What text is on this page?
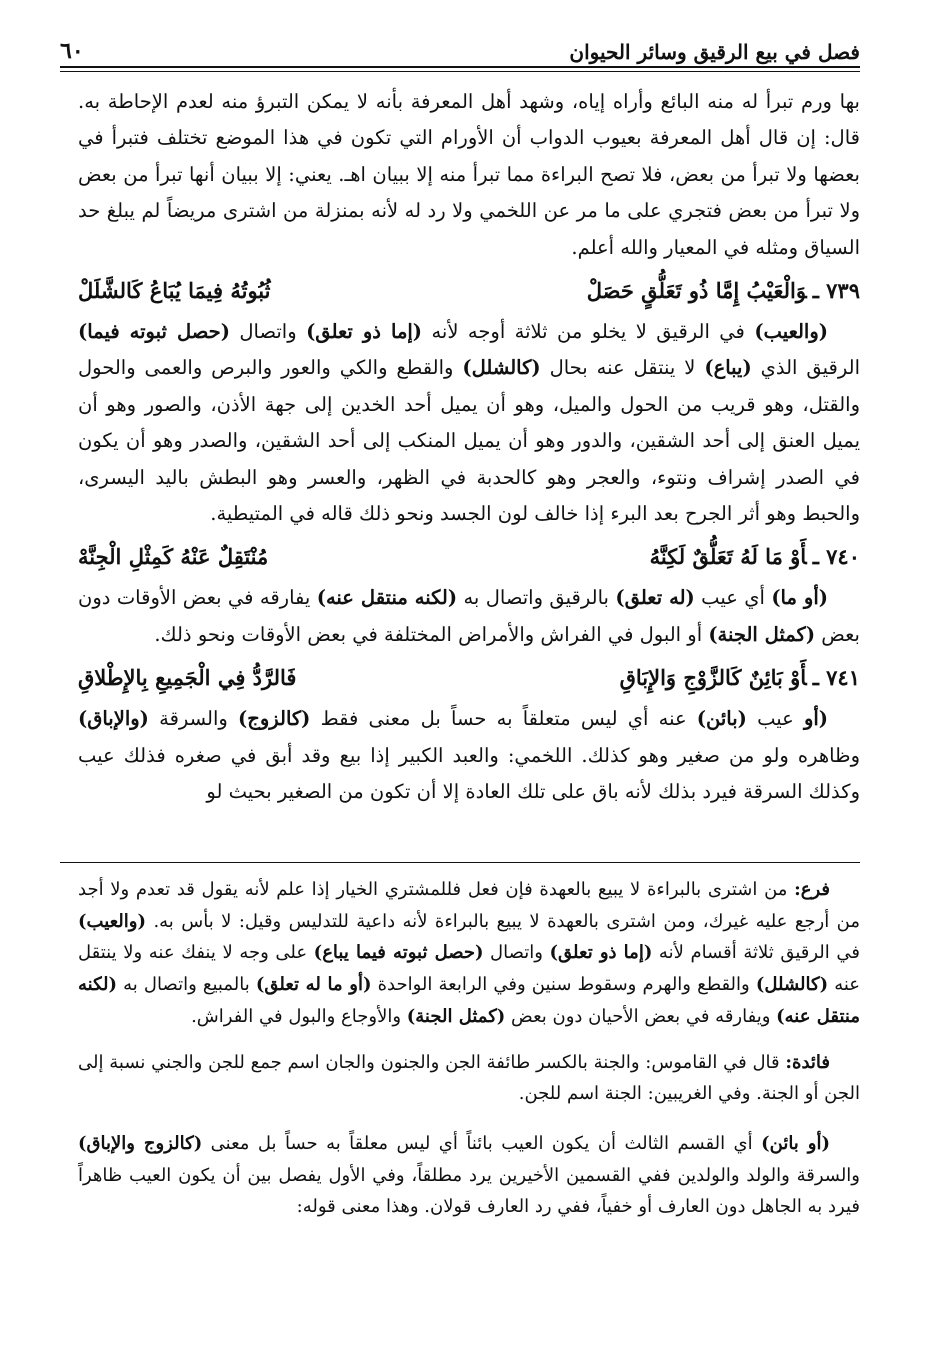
٦٠	فصل في بيع الرقيق وسائر الحيوان

بها ورم تبرأ له منه البائع وأراه إياه، وشهد أهل المعرفة بأنه لا يمكن التبرؤ منه لعدم الإحاطة به. قال: إن قال أهل المعرفة بعيوب الدواب أن الأورام التي تكون في هذا الموضع تختلف فتبرأ في بعضها ولا تبرأ من بعض، فلا تصح البراءة مما تبرأ منه إلا ببيان اهـ. يعني: إلا ببيان أنها تبرأ من بعض ولا تبرأ من بعض فتجري على ما مر عن اللخمي ولا رد له لأنه بمنزلة من اشترى مريضاً لم يبلغ حد السياق ومثله في المعيار والله أعلم.

٧٣٩ ـوَالْعَيْبُ إِمَّا ذُو تَعَلُّقٍ حَصَلْ
ثُبُوتُهُ فِيمَا يُبَاعُ كَالشَّلَلْ

(والعيب) في الرقيق لا يخلو من ثلاثة أوجه لأنه (إما ذو تعلق) واتصال (حصل ثبوته فيما) الرقيق الذي (يباع) لا ينتقل عنه بحال (كالشلل) والقطع والكي والعور والبرص والعمى والحول والقتل، وهو قريب من الحول والميل، وهو أن يميل أحد الخدين إلى جهة الأذن، والصور وهو أن يميل العنق إلى أحد الشقين، والدور وهو أن يميل المنكب إلى أحد الشقين، والصدر وهو أن يكون في الصدر إشراف ونتوء، والعجر وهو كالحدبة في الظهر، والعسر وهو البطش باليد اليسرى، والحبط وهو أثر الجرح بعد البرء إذا خالف لون الجسد ونحو ذلك قاله في المتيطية.

٧٤٠ ـأَوْ مَا لَهُ تَعَلُّقٌ لَكِنَّهُ
مُنْتَقِلٌ عَنْهُ كَمِثْلِ الْجِنَّهْ

(أو ما) أي عيب (له تعلق) بالرقيق واتصال به (لكنه منتقل عنه) يفارقه في بعض الأوقات دون بعض (كمثل الجنة) أو البول في الفراش والأمراض المختلفة في بعض الأوقات ونحو ذلك.

٧٤١ ـأَوْ بَائِنٌ كَالزَّوْجِ وَالإِبَاقِ
فَالرَّدُّ فِي الْجَمِيعِ بِالإِطْلاقِ

(أو عيب (بائن) عنه أي ليس متعلقاً به حساً بل معنى فقط (كالزوج) والسرقة (والإباق) وظاهره ولو من صغير وهو كذلك. اللخمي: والعبد الكبير إذا بيع وقد أبق في صغره فذلك عيب وكذلك السرقة فيرد بذلك لأنه باق على تلك العادة إلا أن تكون من الصغير بحيث لو

فرع: من اشترى بالبراءة لا يبيع بالعهدة فإن فعل فللمشتري الخيار إذا علم لأنه يقول قد تعدم ولا أجد من أرجع عليه غيرك، ومن اشترى بالعهدة لا يبيع بالبراءة لأنه داعية للتدليس وقيل: لا بأس به. (والعيب) في الرقيق ثلاثة أقسام لأنه (إما ذو تعلق) واتصال (حصل ثبوته فيما يباع) على وجه لا ينفك عنه ولا ينتقل عنه (كالشلل) والقطع والهرم وسقوط سنين وفي الرابعة الواحدة (أو ما له تعلق) بالمبيع واتصال به (لكنه منتقل عنه) ويفارقه في بعض الأحيان دون بعض (كمثل الجنة) والأوجاع والبول في الفراش.

فائدة: قال في القاموس: والجنة بالكسر طائفة الجن والجنون والجان اسم جمع للجن والجني نسبة إلى الجن أو الجنة. وفي الغريبين: الجنة اسم للجن.

(أو بائن) أي القسم الثالث أن يكون العيب بائناً أي ليس معلقاً به حساً بل معنى (كالزوج والإباق) والسرقة والولد والولدين ففي القسمين الأخيرين يرد مطلقاً، وفي الأول يفصل بين أن يكون العيب ظاهراً فيرد به الجاهل دون العارف أو خفياً، ففي رد العارف قولان. وهذا معنى قوله:
